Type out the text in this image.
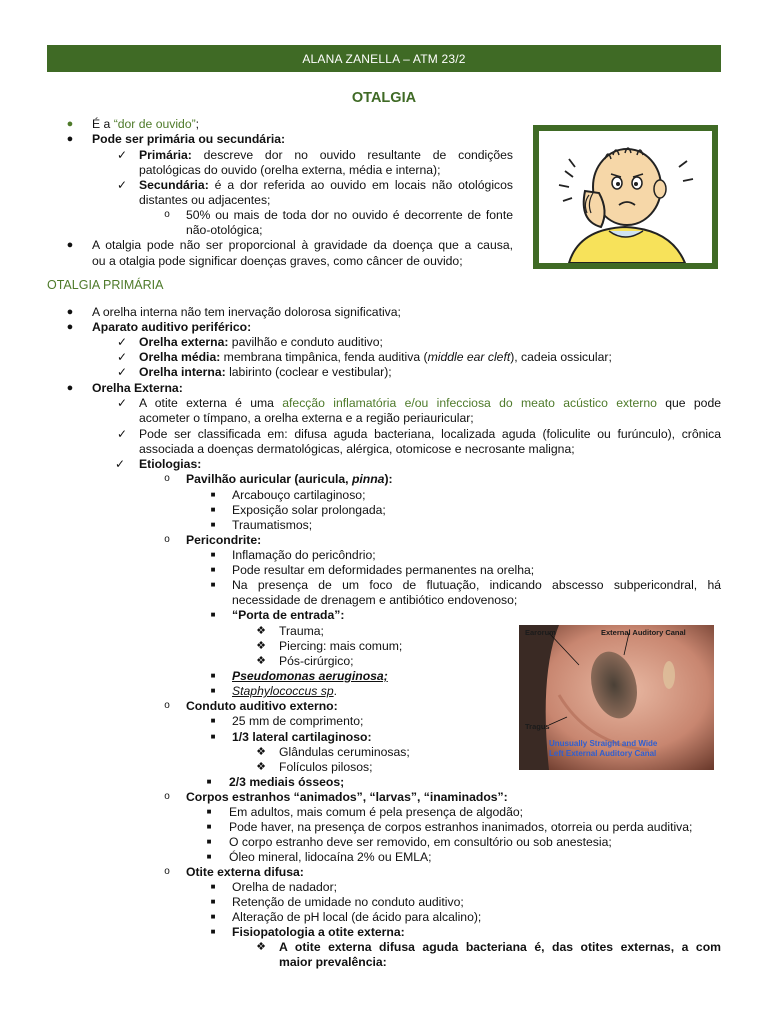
ALANA ZANELLA – ATM 23/2
OTALGIA
●	É a “dor de ouvido”;
●	Pode ser primária ou secundária:
✓ Primária: descreve dor no ouvido resultante de condições
patológicas do ouvido (orelha externa, média e interna);
✓ Secundária: é a dor referida ao ouvido em locais não otológicos
distantes ou adjacentes;
o	50% ou mais de toda dor no ouvido é decorrente de fonte
não-otológica;
●	A otalgia pode não ser proporcional à gravidade da doença que a causa,
ou a otalgia pode significar doenças graves, como câncer de ouvido;
OTALGIA PRIMÁRIA
●	A orelha interna não tem inervação dolorosa significativa;
●	Aparato auditivo periférico:
✓ Orelha externa: pavilhão e conduto auditivo;
✓ Orelha média: membrana timpânica, fenda auditiva (middle ear cleft), cadeia ossicular;
✓ Orelha interna: labirinto (coclear e vestibular);
●	Orelha Externa:
✓ A otite externa é uma afecção inflamatória e/ou infecciosa do meato acústico externo que pode
acometer o tímpano, a orelha externa e a região periauricular;
✓ Pode ser classificada em: difusa aguda bacteriana, localizada aguda (foliculite ou furúnculo), crônica
associada a doenças dermatológicas, alérgica, otomicose e necrosante maligna;
✓ Etiologias:
o	Pavilhão auricular (auricula, pinna):
■	Arcabouço cartilaginoso;
■	Exposição solar prolongada;
■	Traumatismos;
o	Pericondrite:
■	Inflamação do pericôndrio;
■	Pode resultar em deformidades permanentes na orelha;
■	Na presença de um foco de flutuação, indicando abscesso subpericondral, há
necessidade de drenagem e antibiótico endovenoso;
■	“Porta de entrada”:
❖ Trauma;
❖ Piercing: mais comum;
❖ Pós-cirúrgico;
■	Pseudomonas aeruginosa;
■	Staphylococcus sp.
o	Conduto auditivo externo:
■	25 mm de comprimento;
■	1/3 lateral cartilaginoso:
❖ Glândulas ceruminosas;
❖ Folículos pilosos;
■	2/3 mediais ósseos;
o	Corpos estranhos “animados”, “larvas”, “inaminados”:
■	Em adultos, mais comum é pela presença de algodão;
■	Pode haver, na presença de corpos estranhos inanimados, otorreia ou perda auditiva;
■	O corpo estranho deve ser removido, em consultório ou sob anestesia;
■	Óleo mineral, lidocaína 2% ou EMLA;
o	Otite externa difusa:
■	Orelha de nadador;
■	Retenção de umidade no conduto auditivo;
■	Alteração de pH local (de ácido para alcalino);
■	Fisiopatologia a otite externa:
❖ A otite externa difusa aguda bacteriana é, das otites externas, a com
maior prevalência:
Earorum	External Auditory Canal
Tragus
Unusually Straight and Wide
Left External Auditory Canal
